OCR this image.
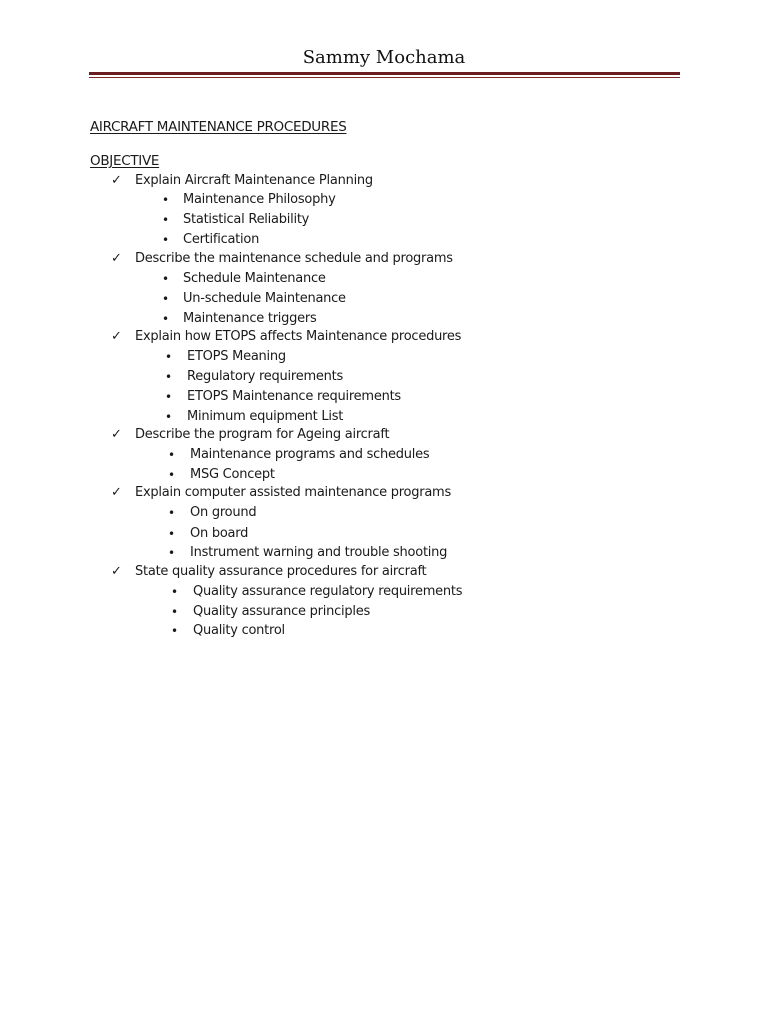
Sammy Mochama
AIRCRAFT MAINTENANCE PROCEDURES
OBJECTIVE
✓ Explain Aircraft Maintenance Planning
• Maintenance Philosophy
• Statistical Reliability
• Certification
✓ Describe the maintenance schedule and programs
• Schedule Maintenance
• Un-schedule Maintenance
• Maintenance triggers
✓ Explain how ETOPS affects Maintenance procedures
• ETOPS Meaning
• Regulatory requirements
• ETOPS Maintenance requirements
• Minimum equipment List
✓ Describe the program for Ageing aircraft
• Maintenance programs and schedules
• MSG Concept
✓ Explain computer assisted maintenance programs
• On ground
• On board
• Instrument warning and trouble shooting
✓ State quality assurance procedures for aircraft
• Quality assurance regulatory requirements
• Quality assurance principles
• Quality control
